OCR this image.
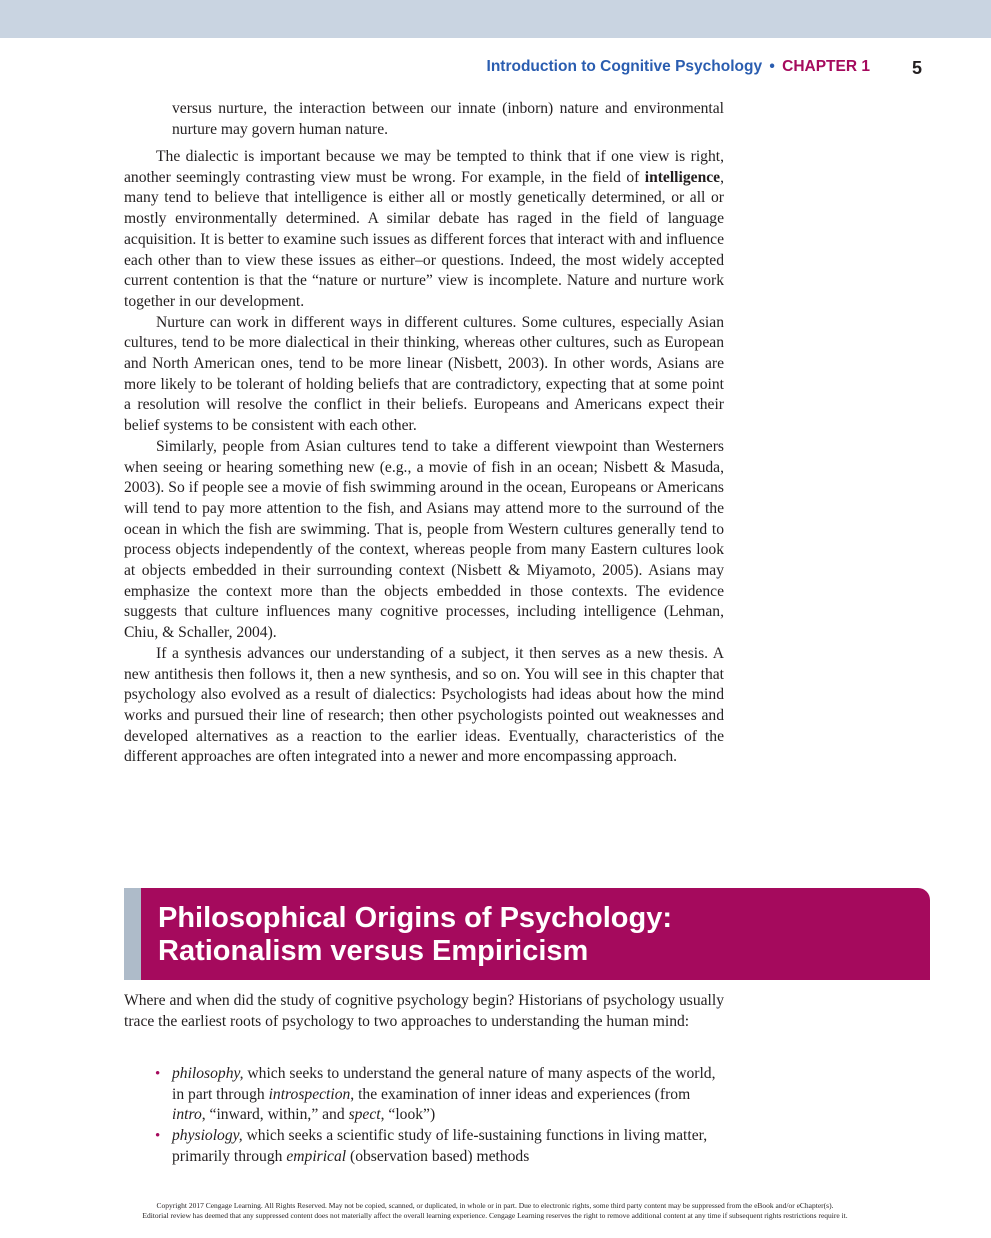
Introduction to Cognitive Psychology • CHAPTER 1 5
versus nurture, the interaction between our innate (inborn) nature and environmental nurture may govern human nature.

The dialectic is important because we may be tempted to think that if one view is right, another seemingly contrasting view must be wrong. For example, in the field of intelligence, many tend to believe that intelligence is either all or mostly genetically determined, or all or mostly environmentally determined. A similar debate has raged in the field of language acquisition. It is better to examine such issues as different forces that interact with and influence each other than to view these issues as either–or questions. Indeed, the most widely accepted current contention is that the “nature or nurture” view is incomplete. Nature and nurture work together in our development.

Nurture can work in different ways in different cultures. Some cultures, especially Asian cultures, tend to be more dialectical in their thinking, whereas other cultures, such as European and North American ones, tend to be more linear (Nisbett, 2003). In other words, Asians are more likely to be tolerant of holding beliefs that are contradictory, expecting that at some point a resolution will resolve the conflict in their beliefs. Europeans and Americans expect their belief systems to be consistent with each other.

Similarly, people from Asian cultures tend to take a different viewpoint than Westerners when seeing or hearing something new (e.g., a movie of fish in an ocean; Nisbett & Masuda, 2003). So if people see a movie of fish swimming around in the ocean, Europeans or Americans will tend to pay more attention to the fish, and Asians may attend more to the surround of the ocean in which the fish are swimming. That is, people from Western cultures generally tend to process objects independently of the context, whereas people from many Eastern cultures look at objects embedded in their surrounding context (Nisbett & Miyamoto, 2005). Asians may emphasize the context more than the objects embedded in those contexts. The evidence suggests that culture influences many cognitive processes, including intelligence (Lehman, Chiu, & Schaller, 2004).

If a synthesis advances our understanding of a subject, it then serves as a new thesis. A new antithesis then follows it, then a new synthesis, and so on. You will see in this chapter that psychology also evolved as a result of dialectics: Psychologists had ideas about how the mind works and pursued their line of research; then other psychologists pointed out weaknesses and developed alternatives as a reaction to the earlier ideas. Eventually, characteristics of the different approaches are often integrated into a newer and more encompassing approach.

Philosophical Origins of Psychology:
Rationalism versus Empiricism

Where and when did the study of cognitive psychology begin? Historians of psychology usually trace the earliest roots of psychology to two approaches to understanding the human mind:

• philosophy, which seeks to understand the general nature of many aspects of the world, in part through introspection, the examination of inner ideas and experiences (from intro, “inward, within,” and spect, “look”)
• physiology, which seeks a scientific study of life-sustaining functions in living matter, primarily through empirical (observation based) methods
Copyright 2017 Cengage Learning. All Rights Reserved. May not be copied, scanned, or duplicated, in whole or in part. Due to electronic rights, some third party content may be suppressed from the eBook and/or eChapter(s).
Editorial review has deemed that any suppressed content does not materially affect the overall learning experience. Cengage Learning reserves the right to remove additional content at any time if subsequent rights restrictions require it.
